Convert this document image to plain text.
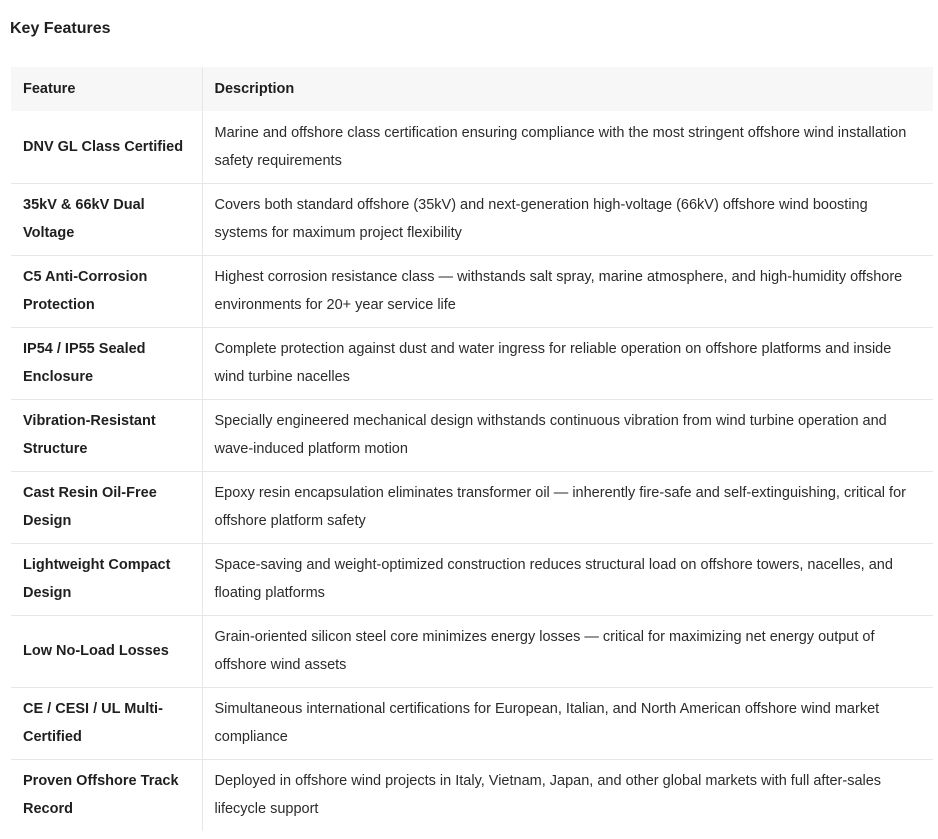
Key Features
Feature	Description
DNV GL Class Certified	Marine and offshore class certification ensuring compliance with the most stringent offshore wind installation safety requirements
35kV & 66kV Dual Voltage	Covers both standard offshore (35kV) and next-generation high-voltage (66kV) offshore wind boosting systems for maximum project flexibility
C5 Anti-Corrosion Protection	Highest corrosion resistance class — withstands salt spray, marine atmosphere, and high-humidity offshore environments for 20+ year service life
IP54 / IP55 Sealed Enclosure	Complete protection against dust and water ingress for reliable operation on offshore platforms and inside wind turbine nacelles
Vibration-Resistant Structure	Specially engineered mechanical design withstands continuous vibration from wind turbine operation and wave-induced platform motion
Cast Resin Oil-Free Design	Epoxy resin encapsulation eliminates transformer oil — inherently fire-safe and self-extinguishing, critical for offshore platform safety
Lightweight Compact Design	Space-saving and weight-optimized construction reduces structural load on offshore towers, nacelles, and floating platforms
Low No-Load Losses	Grain-oriented silicon steel core minimizes energy losses — critical for maximizing net energy output of offshore wind assets
CE / CESI / UL Multi-Certified	Simultaneous international certifications for European, Italian, and North American offshore wind market compliance
Proven Offshore Track Record	Deployed in offshore wind projects in Italy, Vietnam, Japan, and other global markets with full after-sales lifecycle support
